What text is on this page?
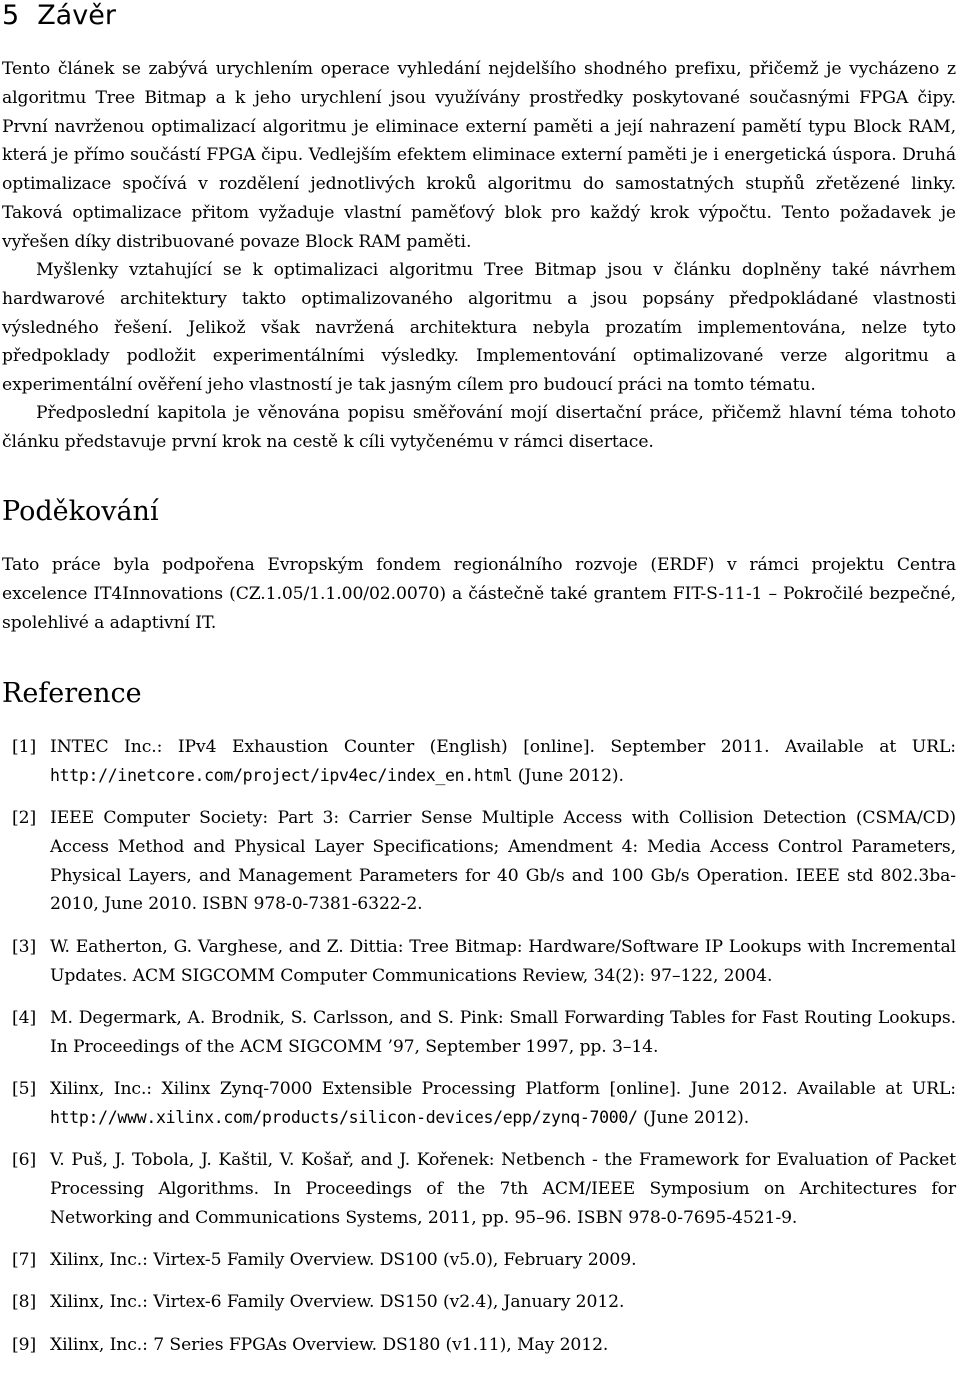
5 Závěr

Tento článek se zabývá urychlením operace vyhledání nejdelšího shodného prefixu, přičemž je vycházeno z algoritmu Tree Bitmap a k jeho urychlení jsou využívány prostředky poskytované současnými FPGA čipy. První navrženou optimalizací algoritmu je eliminace externí paměti a její nahrazení pamětí typu Block RAM, která je přímo součástí FPGA čipu. Vedlejším efektem eliminace externí paměti je i energetická úspora. Druhá optimalizace spočívá v rozdělení jednotlivých kroků algoritmu do samostatných stupňů zřetězené linky. Taková optimalizace přitom vyžaduje vlastní paměťový blok pro každý krok výpočtu. Tento požadavek je vyřešen díky distribuované povaze Block RAM paměti.

Myšlenky vztahující se k optimalizaci algoritmu Tree Bitmap jsou v článku doplněny také návrhem hardwarové architektury takto optimalizovaného algoritmu a jsou popsány předpokládané vlastnosti výsledného řešení. Jelikož však navržená architektura nebyla prozatím implementována, nelze tyto předpoklady podložit experimentálními výsledky. Implementování optimalizované verze algoritmu a experimentální ověření jeho vlastností je tak jasným cílem pro budoucí práci na tomto tématu.

Předposlední kapitola je věnována popisu směřování mojí disertační práce, přičemž hlavní téma tohoto článku představuje první krok na cestě k cíli vytyčenému v rámci disertace.

Poděkování

Tato práce byla podpořena Evropským fondem regionálního rozvoje (ERDF) v rámci projektu Centra excelence IT4Innovations (CZ.1.05/1.1.00/02.0070) a částečně také grantem FIT-S-11-1 – Pokročilé bezpečné, spolehlivé a adaptivní IT.

Reference
[1] INTEC Inc.: IPv4 Exhaustion Counter (English) [online]. September 2011. Available at URL: http://inetcore.com/project/ipv4ec/index_en.html (June 2012).
[2] IEEE Computer Society: Part 3: Carrier Sense Multiple Access with Collision Detection (CSMA/CD) Access Method and Physical Layer Specifications; Amendment 4: Media Access Control Parameters, Physical Layers, and Management Parameters for 40 Gb/s and 100 Gb/s Operation. IEEE std 802.3ba-2010, June 2010. ISBN 978-0-7381-6322-2.
[3] W. Eatherton, G. Varghese, and Z. Dittia: Tree Bitmap: Hardware/Software IP Lookups with Incremental Updates. ACM SIGCOMM Computer Communications Review, 34(2): 97–122, 2004.
[4] M. Degermark, A. Brodnik, S. Carlsson, and S. Pink: Small Forwarding Tables for Fast Routing Lookups. In Proceedings of the ACM SIGCOMM ’97, September 1997, pp. 3–14.
[5] Xilinx, Inc.: Xilinx Zynq-7000 Extensible Processing Platform [online]. June 2012. Available at URL: http://www.xilinx.com/products/silicon-devices/epp/zynq-7000/ (June 2012).
[6] V. Puš, J. Tobola, J. Kaštil, V. Košař, and J. Kořenek: Netbench - the Framework for Evaluation of Packet Processing Algorithms. In Proceedings of the 7th ACM/IEEE Symposium on Architectures for Networking and Communications Systems, 2011, pp. 95–96. ISBN 978-0-7695-4521-9.
[7] Xilinx, Inc.: Virtex-5 Family Overview. DS100 (v5.0), February 2009.
[8] Xilinx, Inc.: Virtex-6 Family Overview. DS150 (v2.4), January 2012.
[9] Xilinx, Inc.: 7 Series FPGAs Overview. DS180 (v1.11), May 2012.
